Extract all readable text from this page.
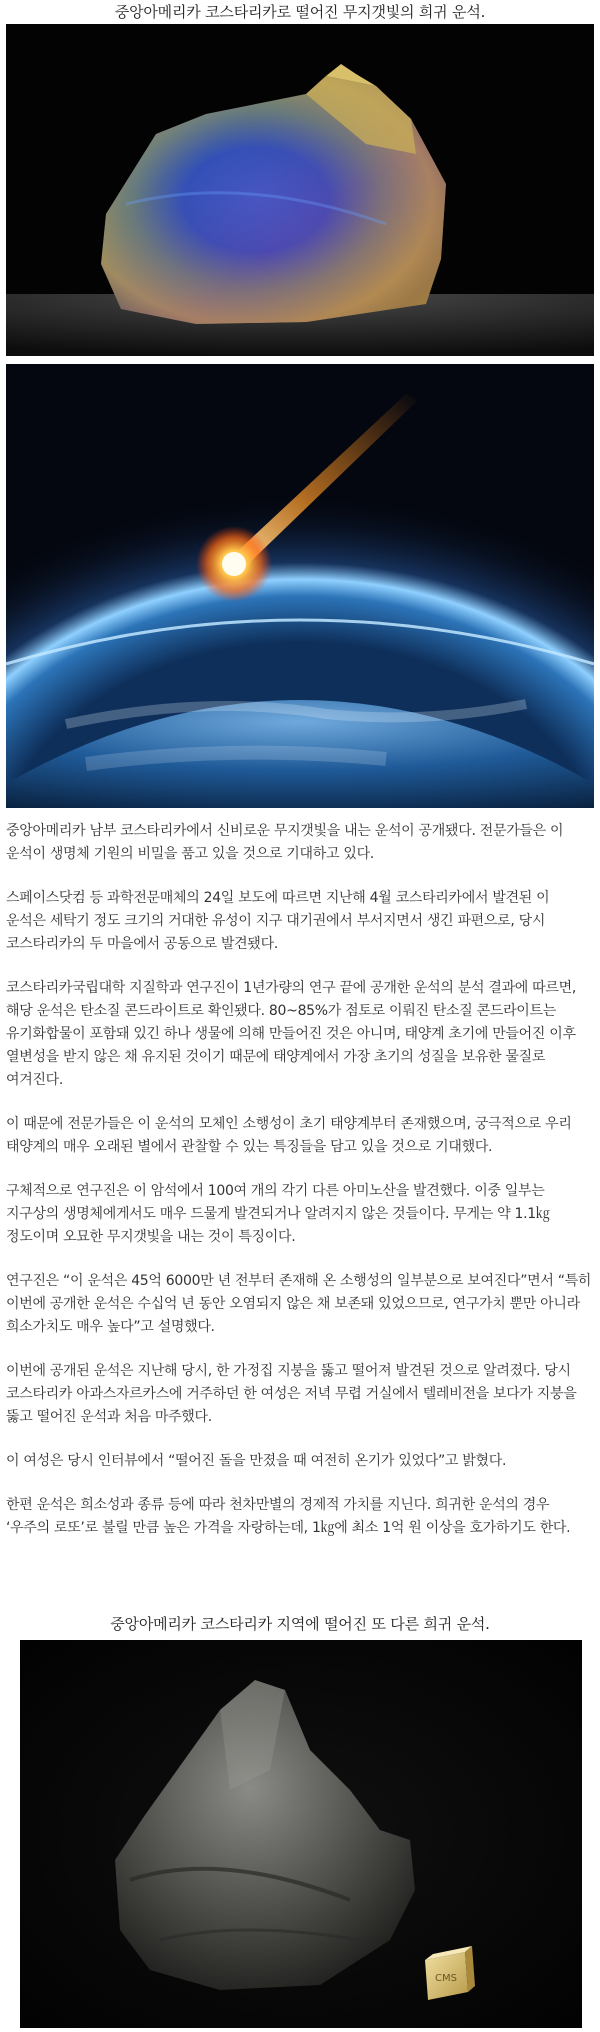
중앙아메리카 코스타리카로 떨어진 무지갯빛의 희귀 운석.

중앙아메리카 남부 코스타리카에서 신비로운 무지갯빛을 내는 운석이 공개됐다. 전문가들은 이 운석이 생명체 기원의 비밀을 품고 있을 것으로 기대하고 있다.

스페이스닷컴 등 과학전문매체의 24일 보도에 따르면 지난해 4월 코스타리카에서 발견된 이 운석은 세탁기 정도 크기의 거대한 유성이 지구 대기권에서 부서지면서 생긴 파편으로, 당시 코스타리카의 두 마을에서 공동으로 발견됐다.

코스타리카국립대학 지질학과 연구진이 1년가량의 연구 끝에 공개한 운석의 분석 결과에 따르면, 해당 운석은 탄소질 콘드라이트로 확인됐다. 80~85%가 점토로 이뤄진 탄소질 콘드라이트는 유기화합물이 포함돼 있긴 하나 생물에 의해 만들어진 것은 아니며, 태양계 초기에 만들어진 이후 열변성을 받지 않은 채 유지된 것이기 때문에 태양계에서 가장 초기의 성질을 보유한 물질로 여겨진다.

이 때문에 전문가들은 이 운석의 모체인 소행성이 초기 태양계부터 존재했으며, 궁극적으로 우리 태양계의 매우 오래된 별에서 관찰할 수 있는 특징들을 담고 있을 것으로 기대했다.

구체적으로 연구진은 이 암석에서 100여 개의 각기 다른 아미노산을 발견했다. 이중 일부는 지구상의 생명체에게서도 매우 드물게 발견되거나 알려지지 않은 것들이다. 무게는 약 1.1㎏ 정도이며 오묘한 무지갯빛을 내는 것이 특징이다.

연구진은 “이 운석은 45억 6000만 년 전부터 존재해 온 소행성의 일부분으로 보여진다”면서 “특히 이번에 공개한 운석은 수십억 년 동안 오염되지 않은 채 보존돼 있었으므로, 연구가치 뿐만 아니라 희소가치도 매우 높다”고 설명했다.

이번에 공개된 운석은 지난해 당시, 한 가정집 지붕을 뚫고 떨어져 발견된 것으로 알려졌다. 당시 코스타리카 아과스자르카스에 거주하던 한 여성은 저녁 무렵 거실에서 텔레비전을 보다가 지붕을 뚫고 떨어진 운석과 처음 마주했다.

이 여성은 당시 인터뷰에서 “떨어진 돌을 만졌을 때 여전히 온기가 있었다”고 밝혔다.

한편 운석은 희소성과 종류 등에 따라 천차만별의 경제적 가치를 지닌다. 희귀한 운석의 경우 ‘우주의 로또’로 불릴 만큼 높은 가격을 자랑하는데, 1㎏에 최소 1억 원 이상을 호가하기도 한다.

중앙아메리카 코스타리카 지역에 떨어진 또 다른 희귀 운석.
CMS
